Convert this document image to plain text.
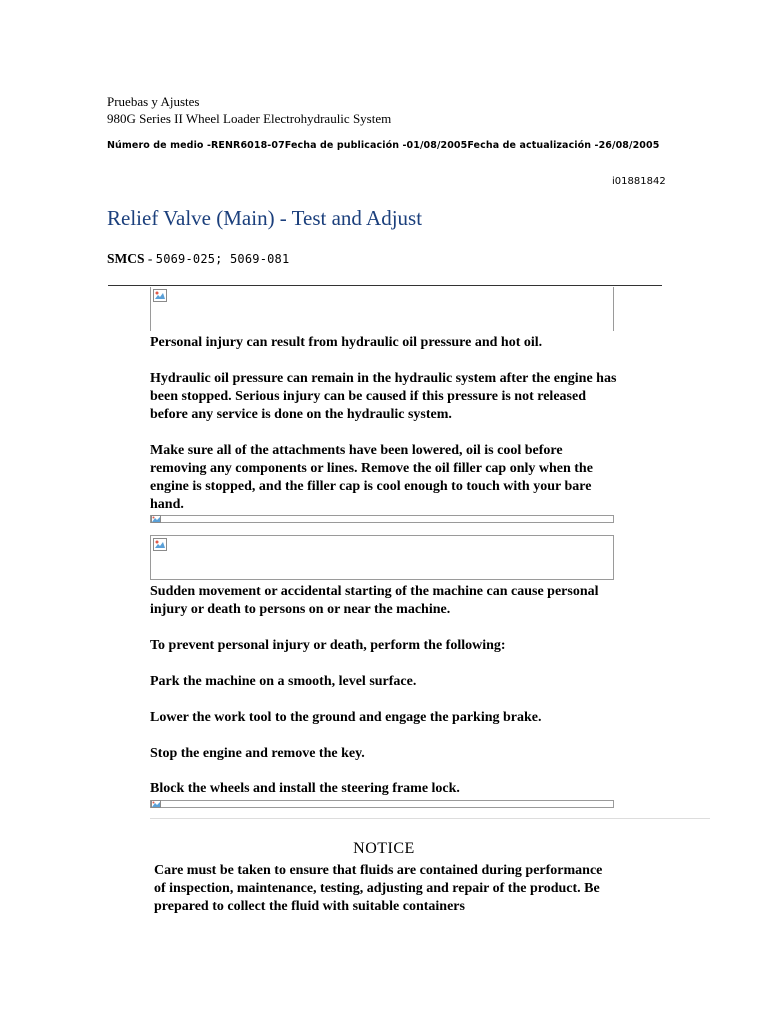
Pruebas y Ajustes
980G Series II Wheel Loader Electrohydraulic System
Número de medio -RENR6018-07Fecha de publicación -01/08/2005Fecha de actualización -26/08/2005
i01881842
Relief Valve (Main) - Test and Adjust
SMCS - 5069-025; 5069-081
Personal injury can result from hydraulic oil pressure and hot oil.
Hydraulic oil pressure can remain in the hydraulic system after the engine has been stopped. Serious injury can be caused if this pressure is not released before any service is done on the hydraulic system.
Make sure all of the attachments have been lowered, oil is cool before removing any components or lines. Remove the oil filler cap only when the engine is stopped, and the filler cap is cool enough to touch with your bare hand.
Sudden movement or accidental starting of the machine can cause personal injury or death to persons on or near the machine.
To prevent personal injury or death, perform the following:
Park the machine on a smooth, level surface.
Lower the work tool to the ground and engage the parking brake.
Stop the engine and remove the key.
Block the wheels and install the steering frame lock.
NOTICE
Care must be taken to ensure that fluids are contained during performance of inspection, maintenance, testing, adjusting and repair of the product. Be prepared to collect the fluid with suitable containers
